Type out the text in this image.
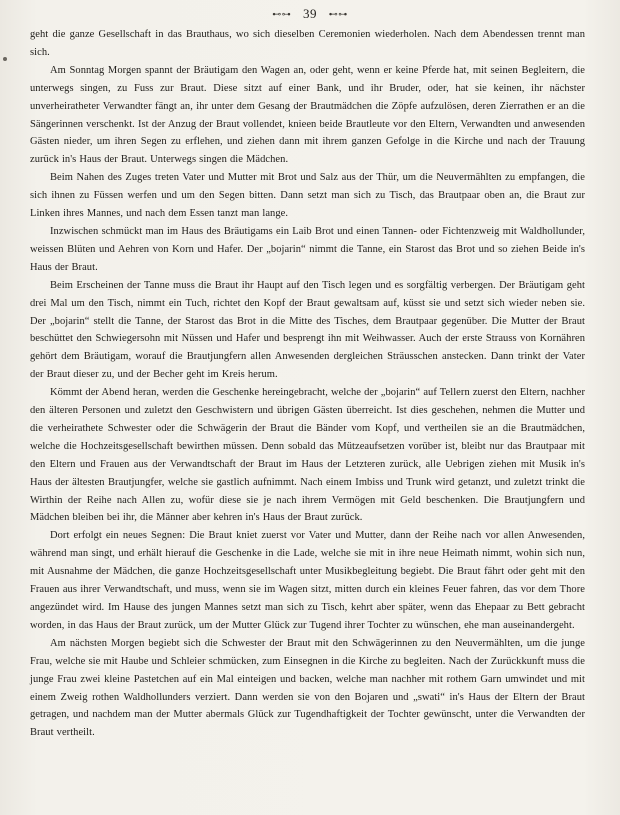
⊷⊶ 39 ⊷⊶

geht die ganze Gesellschaft in das Brauthaus, wo sich dieselben Ceremonien wiederholen. Nach dem Abendessen trennt man sich.

Am Sonntag Morgen spannt der Bräutigam den Wagen an, oder geht, wenn er keine Pferde hat, mit seinen Begleitern, die unterwegs singen, zu Fuss zur Braut. Diese sitzt auf einer Bank, und ihr Bruder, oder, hat sie keinen, ihr nächster unverheiratheter Verwandter fängt an, ihr unter dem Gesang der Brautmädchen die Zöpfe aufzulösen, deren Zierrathen er an die Sängerinnen verschenkt. Ist der Anzug der Braut vollendet, knieen beide Brautleute vor den Eltern, Verwandten und anwesenden Gästen nieder, um ihren Segen zu erflehen, und ziehen dann mit ihrem ganzen Gefolge in die Kirche und nach der Trauung zurück in's Haus der Braut. Unterwegs singen die Mädchen.

Beim Nahen des Zuges treten Vater und Mutter mit Brot und Salz aus der Thür, um die Neuvermählten zu empfangen, die sich ihnen zu Füssen werfen und um den Segen bitten. Dann setzt man sich zu Tisch, das Brautpaar oben an, die Braut zur Linken ihres Mannes, und nach dem Essen tanzt man lange.

Inzwischen schmückt man im Haus des Bräutigams ein Laib Brot und einen Tannen- oder Fichtenzweig mit Waldhollunder, weissen Blüten und Aehren von Korn und Hafer. Der „bojarin“ nimmt die Tanne, ein Starost das Brot und so ziehen Beide in's Haus der Braut.

Beim Erscheinen der Tanne muss die Braut ihr Haupt auf den Tisch legen und es sorgfältig verbergen. Der Bräutigam geht drei Mal um den Tisch, nimmt ein Tuch, richtet den Kopf der Braut gewaltsam auf, küsst sie und setzt sich wieder neben sie. Der „bojarin“ stellt die Tanne, der Starost das Brot in die Mitte des Tisches, dem Brautpaar gegenüber. Die Mutter der Braut beschüttet den Schwiegersohn mit Nüssen und Hafer und besprengt ihn mit Weihwasser. Auch der erste Strauss von Kornähren gehört dem Bräutigam, worauf die Brautjungfern allen Anwesenden dergleichen Sträusschen anstecken. Dann trinkt der Vater der Braut dieser zu, und der Becher geht im Kreis herum.

Kömmt der Abend heran, werden die Geschenke hereingebracht, welche der „bojarin“ auf Tellern zuerst den Eltern, nachher den älteren Personen und zuletzt den Geschwistern und übrigen Gästen überreicht. Ist dies geschehen, nehmen die Mutter und die verheirathete Schwester oder die Schwägerin der Braut die Bänder vom Kopf, und vertheilen sie an die Brautmädchen, welche die Hochzeitsgesellschaft bewirthen müssen. Denn sobald das Mützeaufsetzen vorüber ist, bleibt nur das Brautpaar mit den Eltern und Frauen aus der Verwandtschaft der Braut im Haus der Letzteren zurück, alle Uebrigen ziehen mit Musik in's Haus der ältesten Brautjungfer, welche sie gastlich aufnimmt. Nach einem Imbiss und Trunk wird getanzt, und zuletzt trinkt die Wirthin der Reihe nach Allen zu, wofür diese sie je nach ihrem Vermögen mit Geld beschenken. Die Brautjungfern und Mädchen bleiben bei ihr, die Männer aber kehren in's Haus der Braut zurück.

Dort erfolgt ein neues Segnen: Die Braut kniet zuerst vor Vater und Mutter, dann der Reihe nach vor allen Anwesenden, während man singt, und erhält hierauf die Geschenke in die Lade, welche sie mit in ihre neue Heimath nimmt, wohin sich nun, mit Ausnahme der Mädchen, die ganze Hochzeitsgesellschaft unter Musikbegleitung begiebt. Die Braut fährt oder geht mit den Frauen aus ihrer Verwandtschaft, und muss, wenn sie im Wagen sitzt, mitten durch ein kleines Feuer fahren, das vor dem Thore angezündet wird. Im Hause des jungen Mannes setzt man sich zu Tisch, kehrt aber später, wenn das Ehepaar zu Bett gebracht worden, in das Haus der Braut zurück, um der Mutter Glück zur Tugend ihrer Tochter zu wünschen, ehe man auseinandergeht.

Am nächsten Morgen begiebt sich die Schwester der Braut mit den Schwägerinnen zu den Neuvermählten, um die junge Frau, welche sie mit Haube und Schleier schmücken, zum Einsegnen in die Kirche zu begleiten. Nach der Zurückkunft muss die junge Frau zwei kleine Pastetchen auf ein Mal einteigen und backen, welche man nachher mit rothem Garn umwindet und mit einem Zweig rothen Waldhollunders verziert. Dann werden sie von den Bojaren und „swati“ in's Haus der Eltern der Braut getragen, und nachdem man der Mutter abermals Glück zur Tugendhaftigkeit der Tochter gewünscht, unter die Verwandten der Braut vertheilt.
